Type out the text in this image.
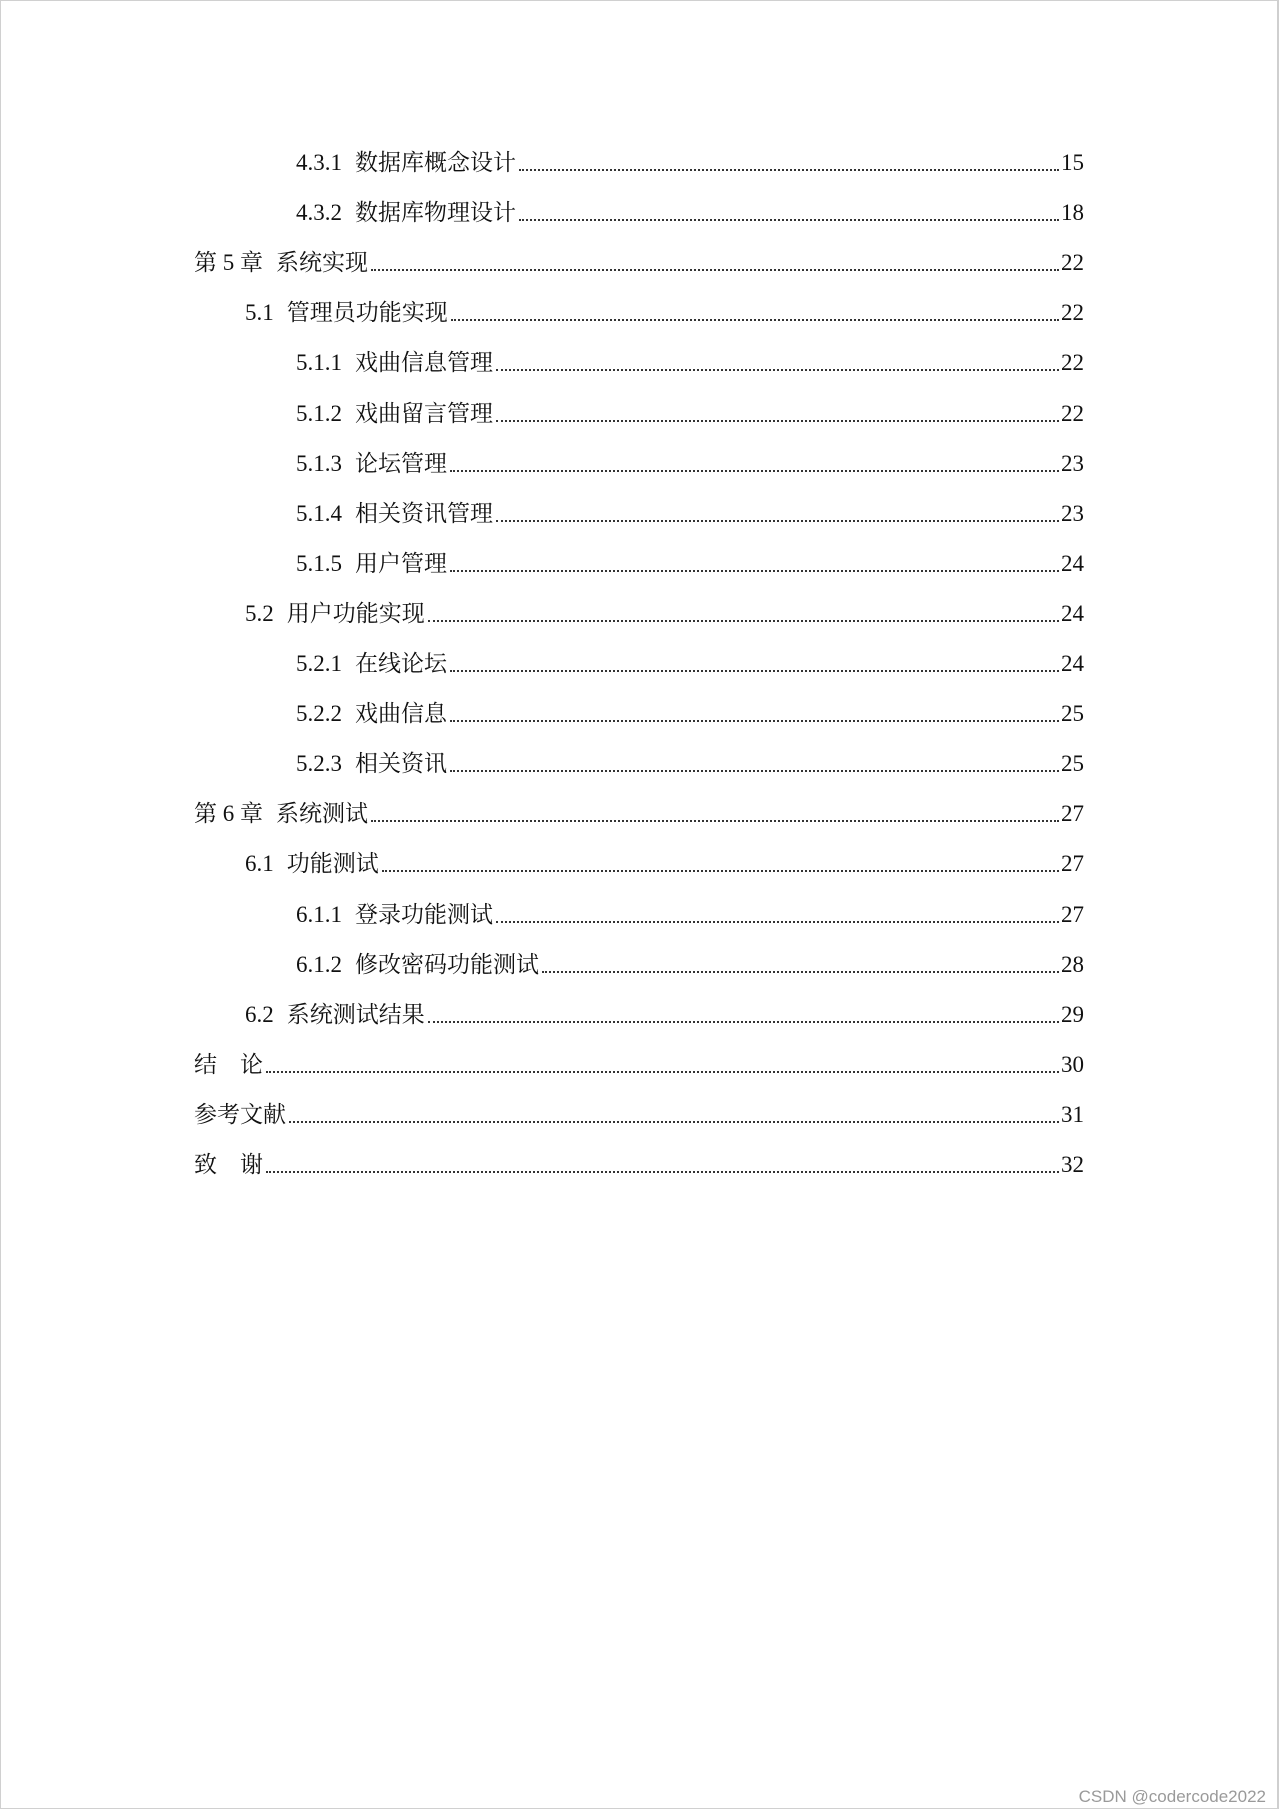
4.3.1 数据库概念设计	15
4.3.2 数据库物理设计	18
第 5 章 系统实现	22
5.1 管理员功能实现	22
5.1.1 戏曲信息管理	22
5.1.2 戏曲留言管理	22
5.1.3 论坛管理	23
5.1.4 相关资讯管理	23
5.1.5 用户管理	24
5.2 用户功能实现	24
5.2.1 在线论坛	24
5.2.2 戏曲信息	25
5.2.3 相关资讯	25
第 6 章 系统测试	27
6.1 功能测试	27
6.1.1 登录功能测试	27
6.1.2 修改密码功能测试	28
6.2 系统测试结果	29
结　论	30
参考文献	31
致　谢	32
CSDN @codercode2022
